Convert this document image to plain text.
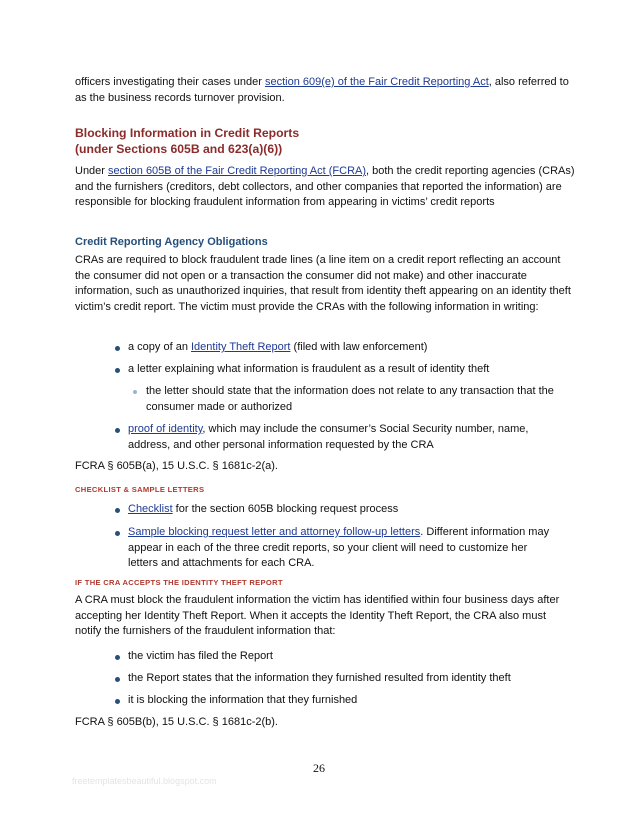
officers investigating their cases under section 609(e) of the Fair Credit Reporting Act, also referred to as the business records turnover provision.

Blocking Information in Credit Reports
(under Sections 605B and 623(a)(6))

Under section 605B of the Fair Credit Reporting Act (FCRA), both the credit reporting agencies (CRAs) and the furnishers (creditors, debt collectors, and other companies that reported the information) are responsible for blocking fraudulent information from appearing in victims’ credit reports

Credit Reporting Agency Obligations

CRAs are required to block fraudulent trade lines (a line item on a credit report reflecting an account the consumer did not open or a transaction the consumer did not make) and other inaccurate information, such as unauthorized inquiries, that result from identity theft appearing on an identity theft victim’s credit report. The victim must provide the CRAs with the following information in writing:

a copy of an Identity Theft Report (filed with law enforcement)

a letter explaining what information is fraudulent as a result of identity theft

the letter should state that the information does not relate to any transaction that the consumer made or authorized

proof of identity, which may include the consumer’s Social Security number, name, address, and other personal information requested by the CRA

FCRA § 605B(a), 15 U.S.C. § 1681c-2(a).

CHECKLIST & SAMPLE LETTERS

Checklist for the section 605B blocking request process

Sample blocking request letter and attorney follow-up letters. Different information may appear in each of the three credit reports, so your client will need to customize her letters and attachments for each CRA.

IF THE CRA ACCEPTS THE IDENTITY THEFT REPORT

A CRA must block the fraudulent information the victim has identified within four business days after accepting her Identity Theft Report. When it accepts the Identity Theft Report, the CRA also must notify the furnishers of the fraudulent information that:

the victim has filed the Report

the Report states that the information they furnished resulted from identity theft

it is blocking the information that they furnished

FCRA § 605B(b), 15 U.S.C. § 1681c-2(b).

26
freetemplatesbeautiful.blogspot.com
